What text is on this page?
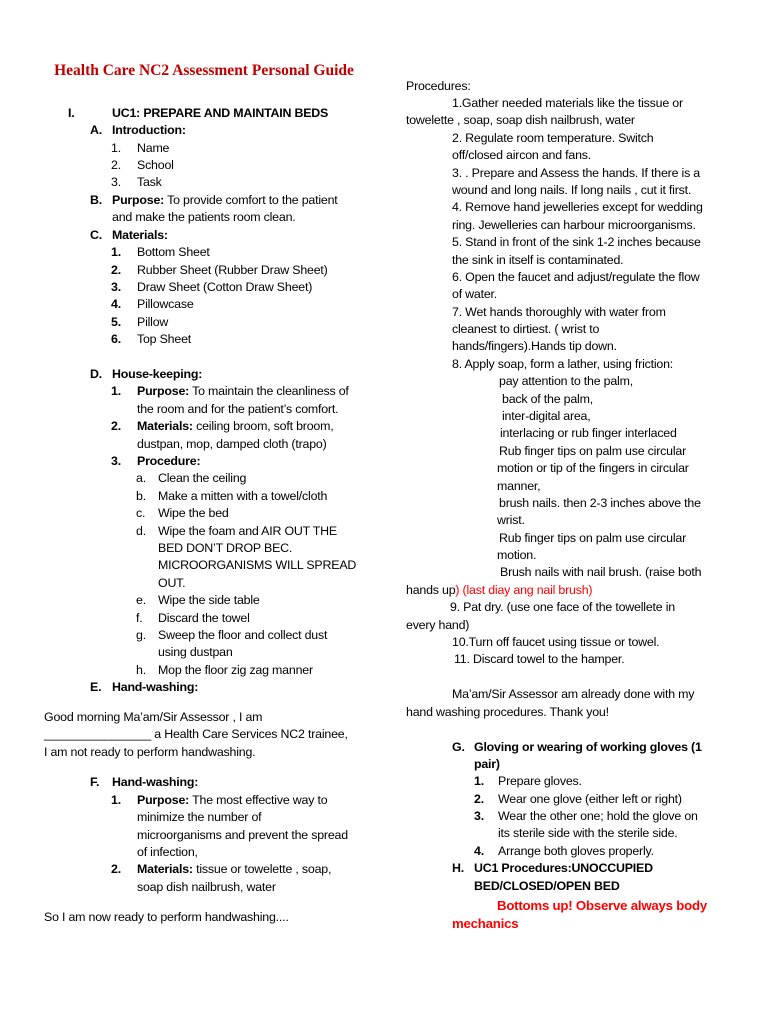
Health Care NC2 Assessment Personal Guide
I.	UC1: PREPARE AND MAINTAIN BEDS
A. Introduction:
1. Name
2. School
3. Task
B. Purpose: To provide comfort to the patient
and make the patients room clean.
C. Materials:
1. Bottom Sheet
2. Rubber Sheet (Rubber Draw Sheet)
3. Draw Sheet (Cotton Draw Sheet)
4. Pillowcase
5. Pillow
6. Top Sheet
D. House-keeping:
1. Purpose: To maintain the cleanliness of
the room and for the patient’s comfort.
2. Materials: ceiling broom, soft broom,
dustpan, mop, damped cloth (trapo)
3. Procedure:
a. Clean the ceiling
b. Make a mitten with a towel/cloth
c. Wipe the bed
d. Wipe the foam and AIR OUT THE
BED DON’T DROP BEC.
MICROORGANISMS WILL SPREAD
OUT.
e. Wipe the side table
f. Discard the towel
g. Sweep the floor and collect dust
using dustpan
h. Mop the floor zig zag manner
E. Hand-washing:
Good morning Ma’am/Sir Assessor , I am
________________ a Health Care Services NC2 trainee,
I am not ready to perform handwashing.
F. Hand-washing:
1. Purpose: The most effective way to
minimize the number of
microorganisms and prevent the spread
of infection,
2. Materials: tissue or towelette , soap,
soap dish nailbrush, water
So I am now ready to perform handwashing....
Procedures:
1.Gather needed materials like the tissue or
towelette , soap, soap dish nailbrush, water
2. Regulate room temperature. Switch
off/closed aircon and fans.
3. . Prepare and Assess the hands. If there is a
wound and long nails. If long nails , cut it first.
4. Remove hand jewelleries except for wedding
ring. Jewelleries can harbour microorganisms.
5. Stand in front of the sink 1-2 inches because
the sink in itself is contaminated.
6. Open the faucet and adjust/regulate the flow
of water.
7. Wet hands thoroughly with water from
cleanest to dirtiest. ( wrist to
hands/fingers).Hands tip down.
8. Apply soap, form a lather, using friction:
pay attention to the palm,
back of the palm,
inter-digital area,
interlacing or rub finger interlaced
Rub finger tips on palm use circular
motion or tip of the fingers in circular
manner,
brush nails. then 2-3 inches above the
wrist.
Rub finger tips on palm use circular
motion.
Brush nails with nail brush. (raise both
hands up) (last diay ang nail brush)
9. Pat dry. (use one face of the towellete in
every hand)
10.Turn off faucet using tissue or towel.
11. Discard towel to the hamper.
Ma’am/Sir Assessor am already done with my
hand washing procedures. Thank you!
G. Gloving or wearing of working gloves (1
pair)
1. Prepare gloves.
2. Wear one glove (either left or right)
3. Wear the other one; hold the glove on
its sterile side with the sterile side.
4. Arrange both gloves properly.
H. UC1 Procedures:UNOCCUPIED
BED/CLOSED/OPEN BED
Bottoms up! Observe always body
mechanics
